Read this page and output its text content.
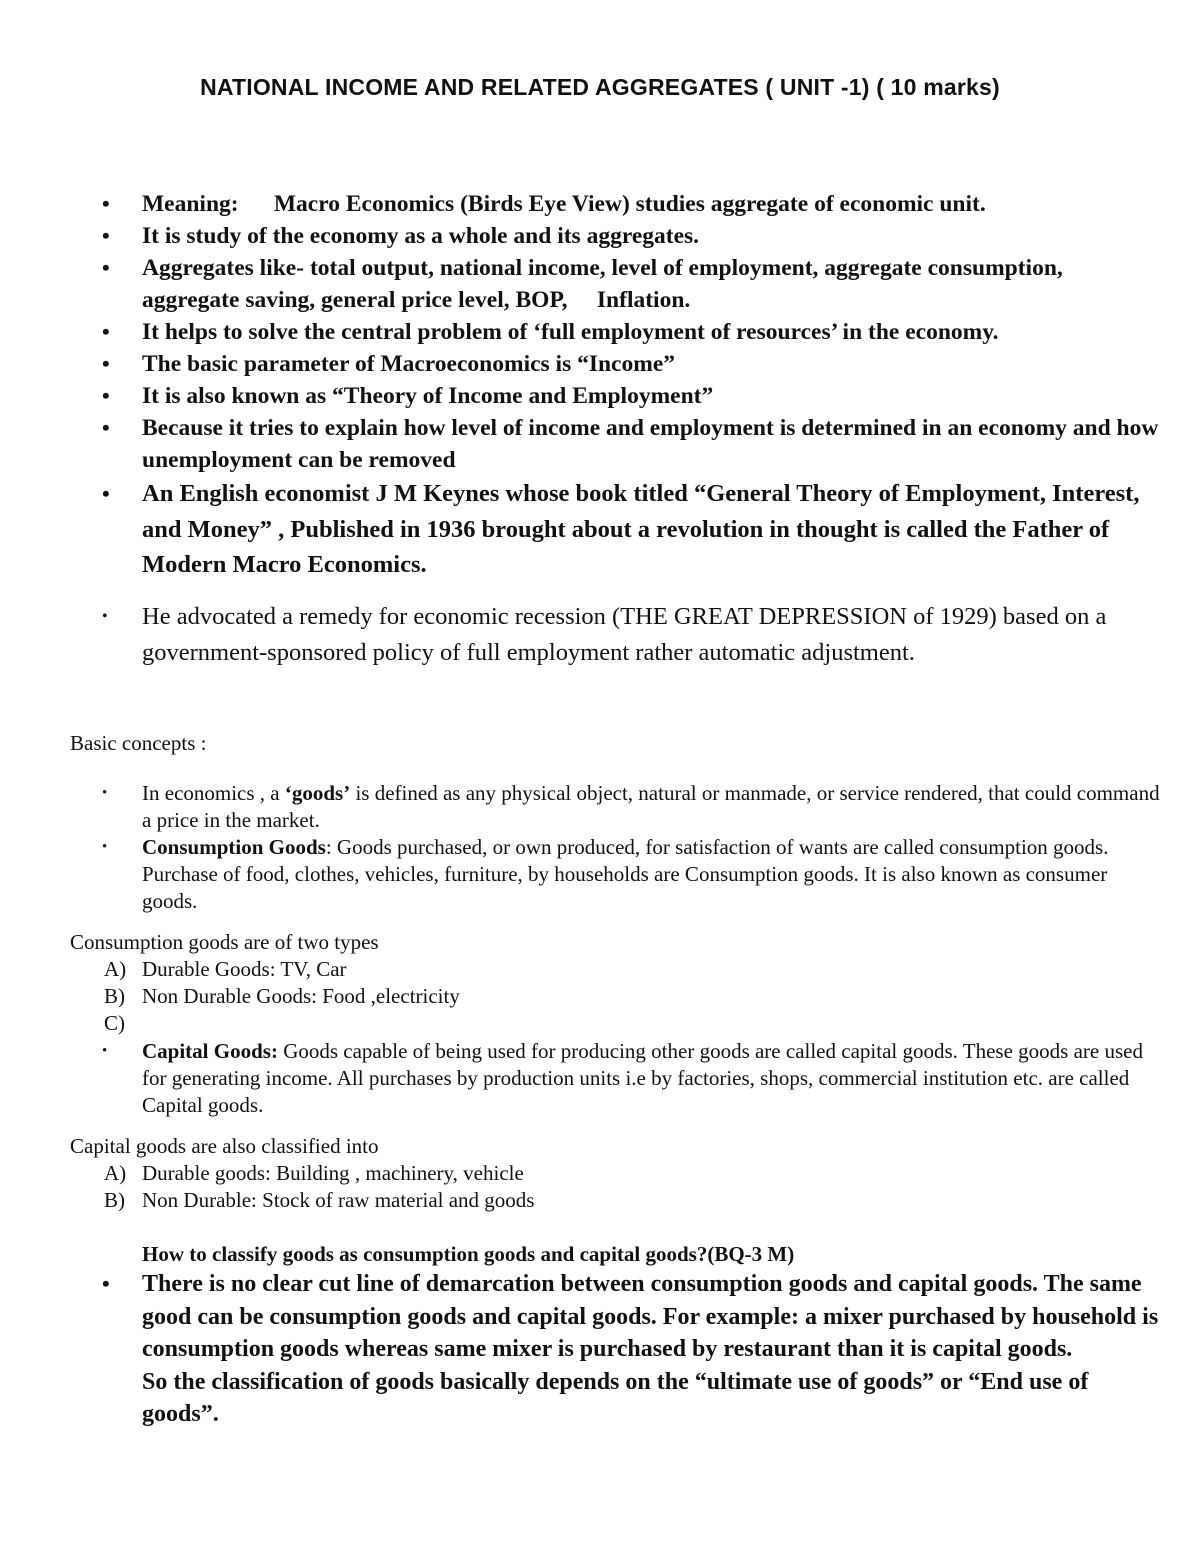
NATIONAL INCOME AND RELATED AGGREGATES ( UNIT -1) ( 10 marks)
• Meaning:      Macro Economics (Birds Eye View) studies aggregate of economic unit.
• It is study of the economy as a whole and its aggregates.
• Aggregates like- total output, national income, level of employment, aggregate consumption, aggregate saving, general price level, BOP,     Inflation.
• It helps to solve the central problem of ‘full employment of resources’ in the economy.
• The basic parameter of Macroeconomics is “Income”
• It is also known as “Theory of Income and Employment”
• Because it tries to explain how level of income and employment is determined in an economy and how unemployment can be removed
• An English economist J M Keynes whose book titled “General Theory of Employment, Interest, and Money” , Published in 1936 brought about a revolution in thought is called the Father of Modern Macro Economics.
• He advocated a remedy for economic recession (THE GREAT DEPRESSION of 1929) based on a government-sponsored policy of full employment rather automatic adjustment.
Basic concepts :
• In economics , a ‘goods’ is defined as any physical object, natural or manmade, or service rendered, that could command a price in the market.
• Consumption Goods: Goods purchased, or own produced, for satisfaction of wants are called consumption goods. Purchase of food, clothes, vehicles, furniture, by households are Consumption goods. It is also known as consumer goods.
Consumption goods are of two types
A) Durable Goods: TV, Car
B) Non Durable Goods: Food ,electricity
C)

• Capital Goods: Goods capable of being used for producing other goods are called capital goods. These goods are used for generating income. All purchases by production units i.e by factories, shops, commercial institution etc. are called Capital goods.
Capital goods are also classified into
A) Durable goods: Building , machinery, vehicle
B) Non Durable: Stock of raw material and goods
How to classify goods as consumption goods and capital goods?(BQ-3 M)
• There is no clear cut line of demarcation between consumption goods and capital goods. The same good can be consumption goods and capital goods. For example: a mixer purchased by household is consumption goods whereas same mixer is purchased by restaurant than it is capital goods.
So the classification of goods basically depends on the “ultimate use of goods” or “End use of goods”.
